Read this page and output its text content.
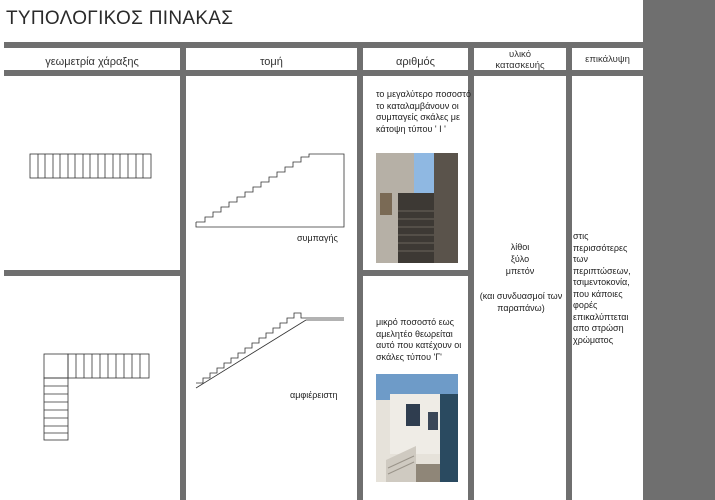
ΤΥΠΟΛΟΓΙΚΟΣ ΠΙΝΑΚΑΣ
γεωμετρία χάραξης	τομή	αριθμός
υλικό κατασκευής
επικάλυψη
συμπαγής
αμφιέρειστη
το μεγαλύτερο ποσοστό το καταλαμβάνουν οι συμπαγείς σκάλες με κάτοψη τύπου ' Ι '
μικρό ποσοστό εως αμελητέο θεωρείται αυτό που κατέχουν οι σκάλες τύπου 'Γ'
λίθοι
ξύλο
μπετόν
(και συνδυασμοί των παραπάνω)
στις περισσότερες των περιπτώσεων, τσιμεντοκονία, που κάποιες φορές επικαλύπτεται απο στρώση χρώματος
